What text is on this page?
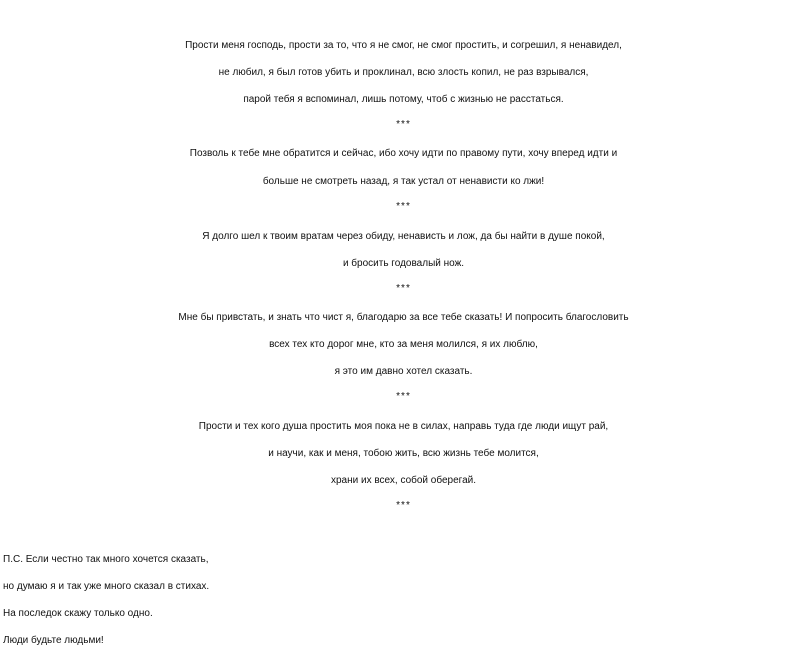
Прости меня господь, прости за то, что я не смог, не смог простить, и согрешил, я ненавидел,
не любил, я был готов убить и проклинал, всю злость копил, не раз взрывался,
парой тебя я вспоминал, лишь потому, чтоб с жизнью не расстаться.
***
Позволь к тебе мне обратится и сейчас, ибо хочу идти по правому пути, хочу вперед идти и
больше не смотреть назад, я так устал от ненависти ко лжи!
***
Я долго шел к твоим вратам через обиду, ненависть и лож, да бы найти в душе покой,
и бросить годовалый нож.
***
Мне бы привстать, и знать что чист я, благодарю за все тебе сказать! И попросить благословить
всех тех кто дорог мне, кто за меня молился, я их люблю,
я это им давно хотел сказать.
***
Прости и тех кого душа простить моя пока не в силах, направь туда где люди ищут рай,
и научи, как и меня, тобою жить, всю жизнь тебе молится,
храни их всех, собой оберегай.
***
П.С. Если честно так много хочется сказать,
но думаю я и так уже много сказал в стихах.
На последок скажу только одно.
Люди будьте людьми!
